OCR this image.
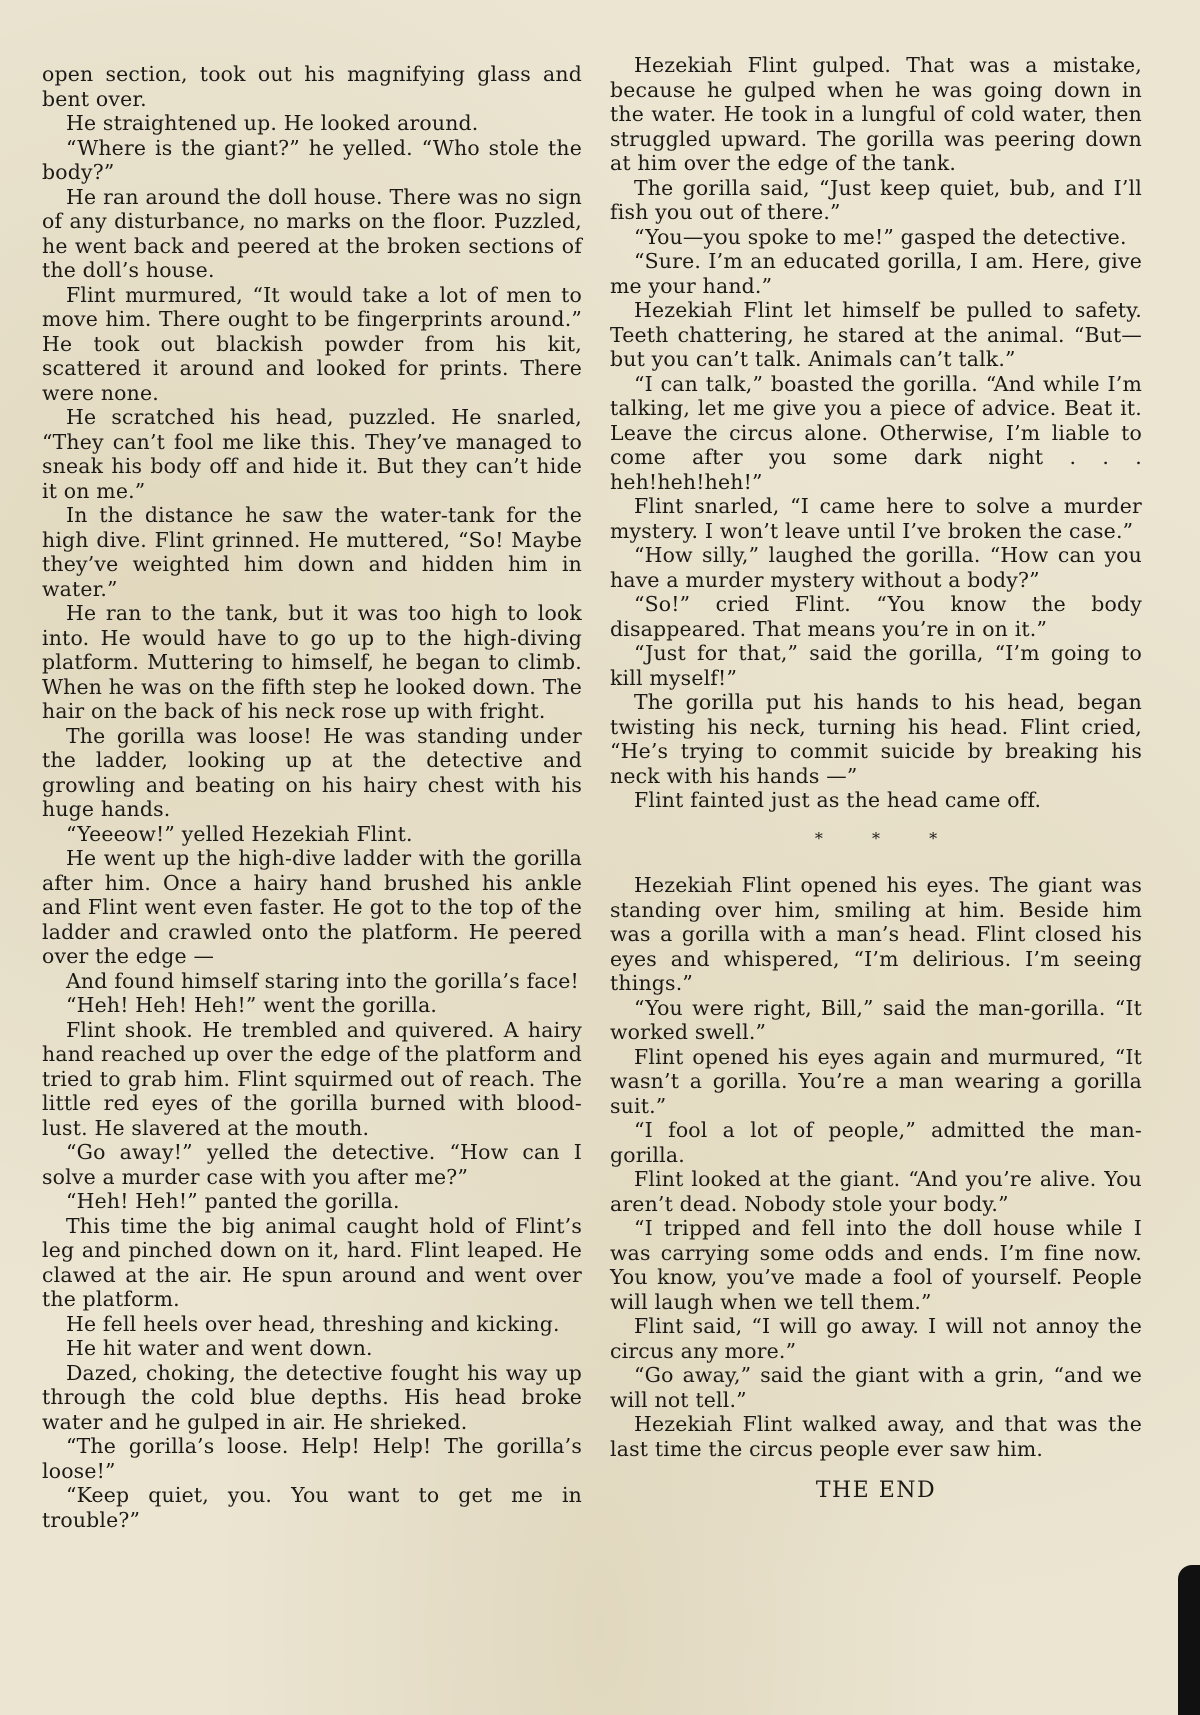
open section, took out his magnifying glass and bent over.

He straightened up. He looked around.

“Where is the giant?” he yelled. “Who stole the body?”

He ran around the doll house. There was no sign of any disturbance, no marks on the floor. Puzzled, he went back and peered at the broken sections of the doll’s house.

Flint murmured, “It would take a lot of men to move him. There ought to be fingerprints around.” He took out blackish powder from his kit, scattered it around and looked for prints. There were none.

He scratched his head, puzzled. He snarled, “They can’t fool me like this. They’ve managed to sneak his body off and hide it. But they can’t hide it on me.”

In the distance he saw the water-tank for the high dive. Flint grinned. He muttered, “So! Maybe they’ve weighted him down and hidden him in water.”

He ran to the tank, but it was too high to look into. He would have to go up to the high-diving platform. Muttering to himself, he began to climb. When he was on the fifth step he looked down. The hair on the back of his neck rose up with fright.

The gorilla was loose! He was standing under the ladder, looking up at the detective and growling and beating on his hairy chest with his huge hands.

“Yeeeow!” yelled Hezekiah Flint.

He went up the high-dive ladder with the gorilla after him. Once a hairy hand brushed his ankle and Flint went even faster. He got to the top of the ladder and crawled onto the platform. He peered over the edge —

And found himself staring into the gorilla’s face!

“Heh! Heh! Heh!” went the gorilla.

Flint shook. He trembled and quivered. A hairy hand reached up over the edge of the platform and tried to grab him. Flint squirmed out of reach. The little red eyes of the gorilla burned with blood-lust. He slavered at the mouth.

“Go away!” yelled the detective. “How can I solve a murder case with you after me?”

“Heh! Heh!” panted the gorilla.

This time the big animal caught hold of Flint’s leg and pinched down on it, hard. Flint leaped. He clawed at the air. He spun around and went over the platform.

He fell heels over head, threshing and kicking.

He hit water and went down.

Dazed, choking, the detective fought his way up through the cold blue depths. His head broke water and he gulped in air. He shrieked.

“The gorilla’s loose. Help! Help! The gorilla’s loose!”

“Keep quiet, you. You want to get me in trouble?”

Hezekiah Flint gulped. That was a mistake, because he gulped when he was going down in the water. He took in a lungful of cold water, then struggled upward. The gorilla was peering down at him over the edge of the tank.

The gorilla said, “Just keep quiet, bub, and I’ll fish you out of there.”

“You—you spoke to me!” gasped the detective.

“Sure. I’m an educated gorilla, I am. Here, give me your hand.”

Hezekiah Flint let himself be pulled to safety. Teeth chattering, he stared at the animal. “But—but you can’t talk. Animals can’t talk.”

“I can talk,” boasted the gorilla. “And while I’m talking, let me give you a piece of advice. Beat it. Leave the circus alone. Otherwise, I’m liable to come after you some dark night . . . heh!heh!heh!”

Flint snarled, “I came here to solve a murder mystery. I won’t leave until I’ve broken the case.”

“How silly,” laughed the gorilla. “How can you have a murder mystery without a body?”

“So!” cried Flint. “You know the body disappeared. That means you’re in on it.”

“Just for that,” said the gorilla, “I’m going to kill myself!”

The gorilla put his hands to his head, began twisting his neck, turning his head. Flint cried, “He’s trying to commit suicide by breaking his neck with his hands —”

Flint fainted just as the head came off.

* * *

Hezekiah Flint opened his eyes. The giant was standing over him, smiling at him. Beside him was a gorilla with a man’s head. Flint closed his eyes and whispered, “I’m delirious. I’m seeing things.”

“You were right, Bill,” said the man-gorilla. “It worked swell.”

Flint opened his eyes again and murmured, “It wasn’t a gorilla. You’re a man wearing a gorilla suit.”

“I fool a lot of people,” admitted the man-gorilla.

Flint looked at the giant. “And you’re alive. You aren’t dead. Nobody stole your body.”

“I tripped and fell into the doll house while I was carrying some odds and ends. I’m fine now. You know, you’ve made a fool of yourself. People will laugh when we tell them.”

Flint said, “I will go away. I will not annoy the circus any more.”

“Go away,” said the giant with a grin, “and we will not tell.”

Hezekiah Flint walked away, and that was the last time the circus people ever saw him.

THE END
